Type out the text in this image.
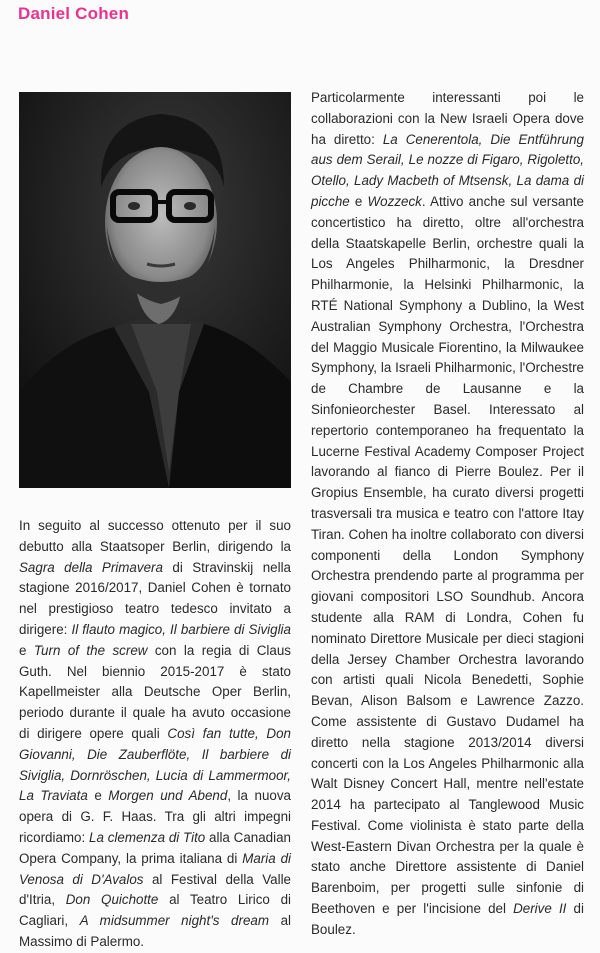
Daniel Cohen

In seguito al successo ottenuto per il suo debutto alla Staatsoper Berlin, dirigendo la Sagra della Primavera di Stravinskij nella stagione 2016/2017, Daniel Cohen è tornato nel prestigioso teatro tedesco invitato a dirigere: Il flauto magico, Il barbiere di Siviglia e Turn of the screw con la regia di Claus Guth. Nel biennio 2015-2017 è stato Kapellmeister alla Deutsche Oper Berlin, periodo durante il quale ha avuto occasione di dirigere opere quali Così fan tutte, Don Giovanni, Die Zauberflöte, Il barbiere di Siviglia, Dornröschen, Lucia di Lammermoor, La Traviata e Morgen und Abend, la nuova opera di G. F. Haas. Tra gli altri impegni ricordiamo: La clemenza di Tito alla Canadian Opera Company, la prima italiana di Maria di Venosa di D'Avalos al Festival della Valle d'Itria, Don Quichotte al Teatro Lirico di Cagliari, A midsummer night's dream al Massimo di Palermo.

Particolarmente interessanti poi le collaborazioni con la New Israeli Opera dove ha diretto: La Cenerentola, Die Entführung aus dem Serail, Le nozze di Figaro, Rigoletto, Otello, Lady Macbeth of Mtsensk, La dama di picche e Wozzeck. Attivo anche sul versante concertistico ha diretto, oltre all'orchestra della Staatskapelle Berlin, orchestre quali la Los Angeles Philharmonic, la Dresdner Philharmonie, la Helsinki Philharmonic, la RTÉ National Symphony a Dublino, la West Australian Symphony Orchestra, l'Orchestra del Maggio Musicale Fiorentino, la Milwaukee Symphony, la Israeli Philharmonic, l'Orchestre de Chambre de Lausanne e la Sinfonieorchester Basel. Interessato al repertorio contemporaneo ha frequentato la Lucerne Festival Academy Composer Project lavorando al fianco di Pierre Boulez. Per il Gropius Ensemble, ha curato diversi progetti trasversali tra musica e teatro con l'attore Itay Tiran. Cohen ha inoltre collaborato con diversi componenti della London Symphony Orchestra prendendo parte al programma per giovani compositori LSO Soundhub. Ancora studente alla RAM di Londra, Cohen fu nominato Direttore Musicale per dieci stagioni della Jersey Chamber Orchestra lavorando con artisti quali Nicola Benedetti, Sophie Bevan, Alison Balsom e Lawrence Zazzo. Come assistente di Gustavo Dudamel ha diretto nella stagione 2013/2014 diversi concerti con la Los Angeles Philharmonic alla Walt Disney Concert Hall, mentre nell'estate 2014 ha partecipato al Tanglewood Music Festival. Come violinista è stato parte della West-Eastern Divan Orchestra per la quale è stato anche Direttore assistente di Daniel Barenboim, per progetti sulle sinfonie di Beethoven e per l'incisione del Derive II di Boulez.
